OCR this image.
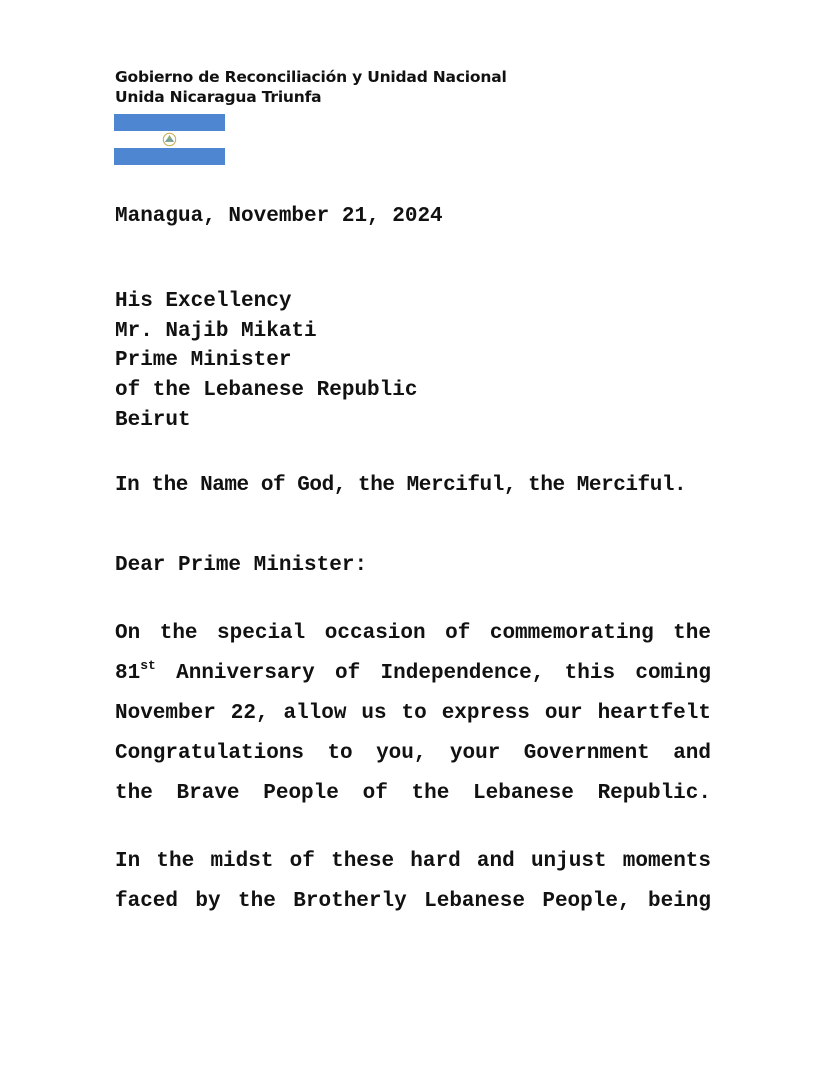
Gobierno de Reconciliación y Unidad Nacional
Unida Nicaragua Triunfa
Managua, November 21, 2024
His Excellency
Mr. Najib Mikati
Prime Minister
of the Lebanese Republic
Beirut
In the Name of God, the Merciful, the Merciful.
Dear Prime Minister:
On the special occasion of commemorating the
81st Anniversary of Independence, this coming
November 22, allow us to express our heartfelt
Congratulations to you, your Government and
the Brave People of the Lebanese Republic.
In the midst of these hard and unjust moments
faced by the Brotherly Lebanese People, being
